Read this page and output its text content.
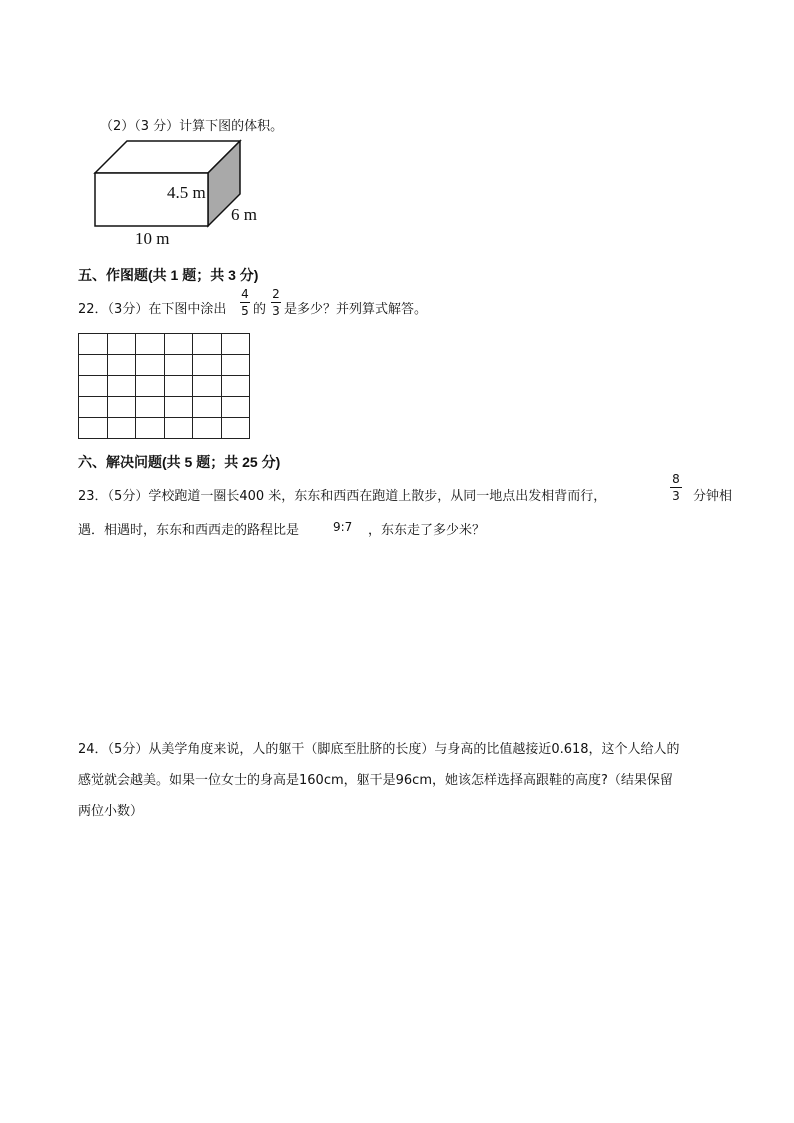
（2）（3 分）计算下图的体积。
4.5 m
6 m
10 m
五、作图题(共 1 题；共 3 分)
22．（3分）在下图中涂出
4
5 的
2
3 是多少？并列算式解答。

六、解决问题(共 5 题；共 25 分)
23．（5分）学校跑道一圈长400 米，东东和西西在跑道上散步，从同一地点出发相背而行，
8
3 分钟相
遇．相遇时，东东和西西走的路程比是	9:7 ，东东走了多少米？
24．（5分）从美学角度来说，人的躯干（脚底至肚脐的长度）与身高的比值越接近0.618，这个人给人的
感觉就会越美。如果一位女士的身高是160cm，躯干是96cm，她该怎样选择高跟鞋的高度?（结果保留
两位小数）
